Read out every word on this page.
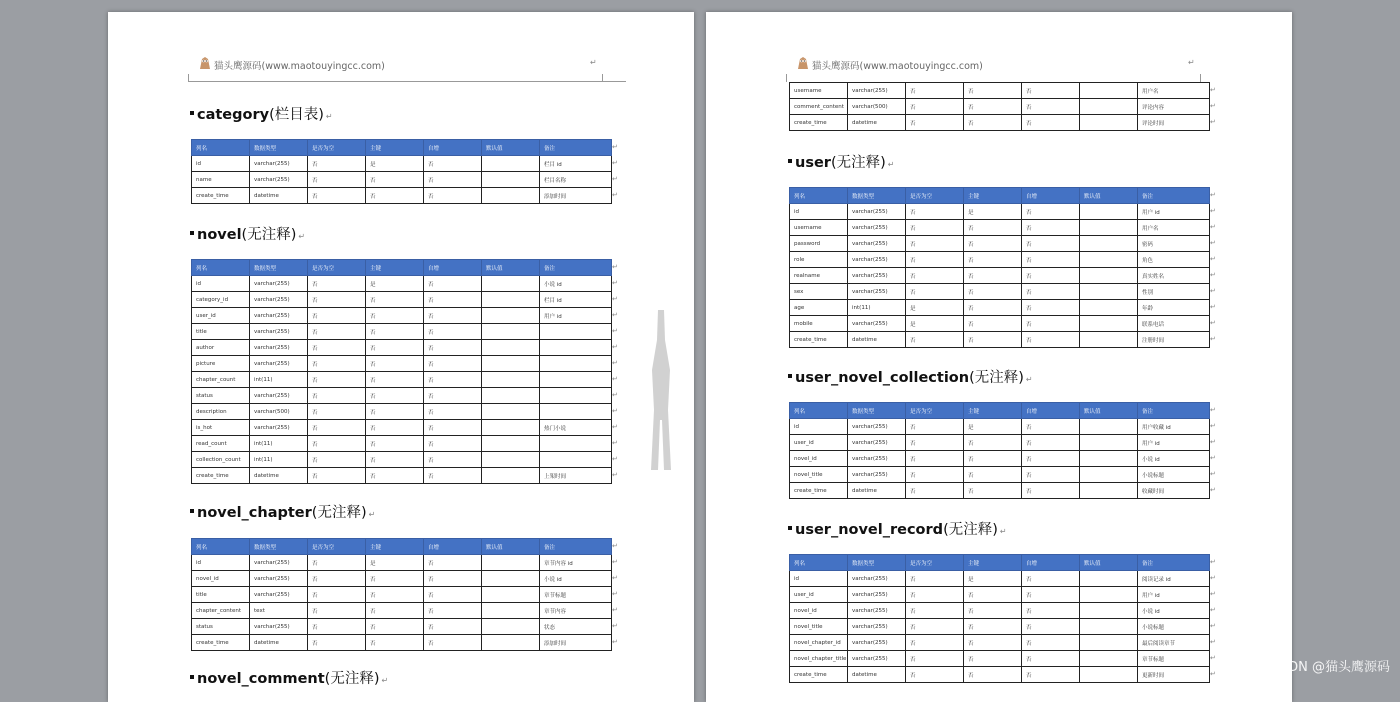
猫头鹰源码(www.maotouyingcc.com)	↵
category(栏目表) ↵
↵
↵
↵
↵
列名	数据类型	是否为空	主键	自增	默认值	备注
id	varchar(255)	否	是	否		栏目 id
name	varchar(255)	否	否	否		栏目名称
create_time	datetime	否	否	否		添加时间
novel(无注释) ↵
↵
↵
↵
↵
↵
↵
↵
↵
↵
↵
↵
↵
↵
↵
列名	数据类型	是否为空	主键	自增	默认值	备注
id	varchar(255)	否	是	否		小说 id
category_id	varchar(255)	否	否	否		栏目 id
user_id	varchar(255)	否	否	否		用户 id
title	varchar(255)	否	否	否		
author	varchar(255)	否	否	否		
picture	varchar(255)	否	否	否		
chapter_count	int(11)	否	否	否		
status	varchar(255)	否	否	否		
description	varchar(500)	否	否	否		
is_hot	varchar(255)	否	否	否		热门小说
read_count	int(11)	否	否	否		
collection_count	int(11)	否	否	否		
create_time	datetime	否	否	否		上架时间
novel_chapter(无注释) ↵
↵
↵
↵
↵
↵
↵
↵
列名	数据类型	是否为空	主键	自增	默认值	备注
id	varchar(255)	否	是	否		章节内容 id
novel_id	varchar(255)	否	否	否		小说 id
title	varchar(255)	否	否	否		章节标题
chapter_content	text	否	否	否		章节内容
status	varchar(255)	否	否	否		状态
create_time	datetime	否	否	否		添加时间
novel_comment(无注释) ↵
猫头鹰源码(www.maotouyingcc.com)	↵
↵
↵
↵
username	varchar(255)	否	否	否		用户名
comment_content	varchar(500)	否	否	否		评论内容
create_time	datetime	否	否	否		评论时间
user(无注释) ↵
↵
↵
↵
↵
↵
↵
↵
↵
↵
↵
列名	数据类型	是否为空	主键	自增	默认值	备注
id	varchar(255)	否	是	否		用户 id
username	varchar(255)	否	否	否		用户名
password	varchar(255)	否	否	否		密码
role	varchar(255)	否	否	否		角色
realname	varchar(255)	否	否	否		真实姓名
sex	varchar(255)	否	否	否		性别
age	int(11)	是	否	否		年龄
mobile	varchar(255)	是	否	否		联系电话
create_time	datetime	否	否	否		注册时间
user_novel_collection(无注释) ↵
↵
↵
↵
↵
↵
↵
列名	数据类型	是否为空	主键	自增	默认值	备注
id	varchar(255)	否	是	否		用户收藏 id
user_id	varchar(255)	否	否	否		用户 id
novel_id	varchar(255)	否	否	否		小说 id
novel_title	varchar(255)	否	否	否		小说标题
create_time	datetime	否	否	否		收藏时间
user_novel_record(无注释) ↵
↵
↵
↵
↵
↵
↵
↵
↵
列名	数据类型	是否为空	主键	自增	默认值	备注
id	varchar(255)	否	是	否		阅读记录 id
user_id	varchar(255)	否	否	否		用户 id
novel_id	varchar(255)	否	否	否		小说 id
novel_title	varchar(255)	否	否	否		小说标题
novel_chapter_id	varchar(255)	否	否	否		最后阅读章节
novel_chapter_title	varchar(255)	否	否	否		章节标题
create_time	datetime	否	否	否		更新时间
CSDN @猫头鹰源码
